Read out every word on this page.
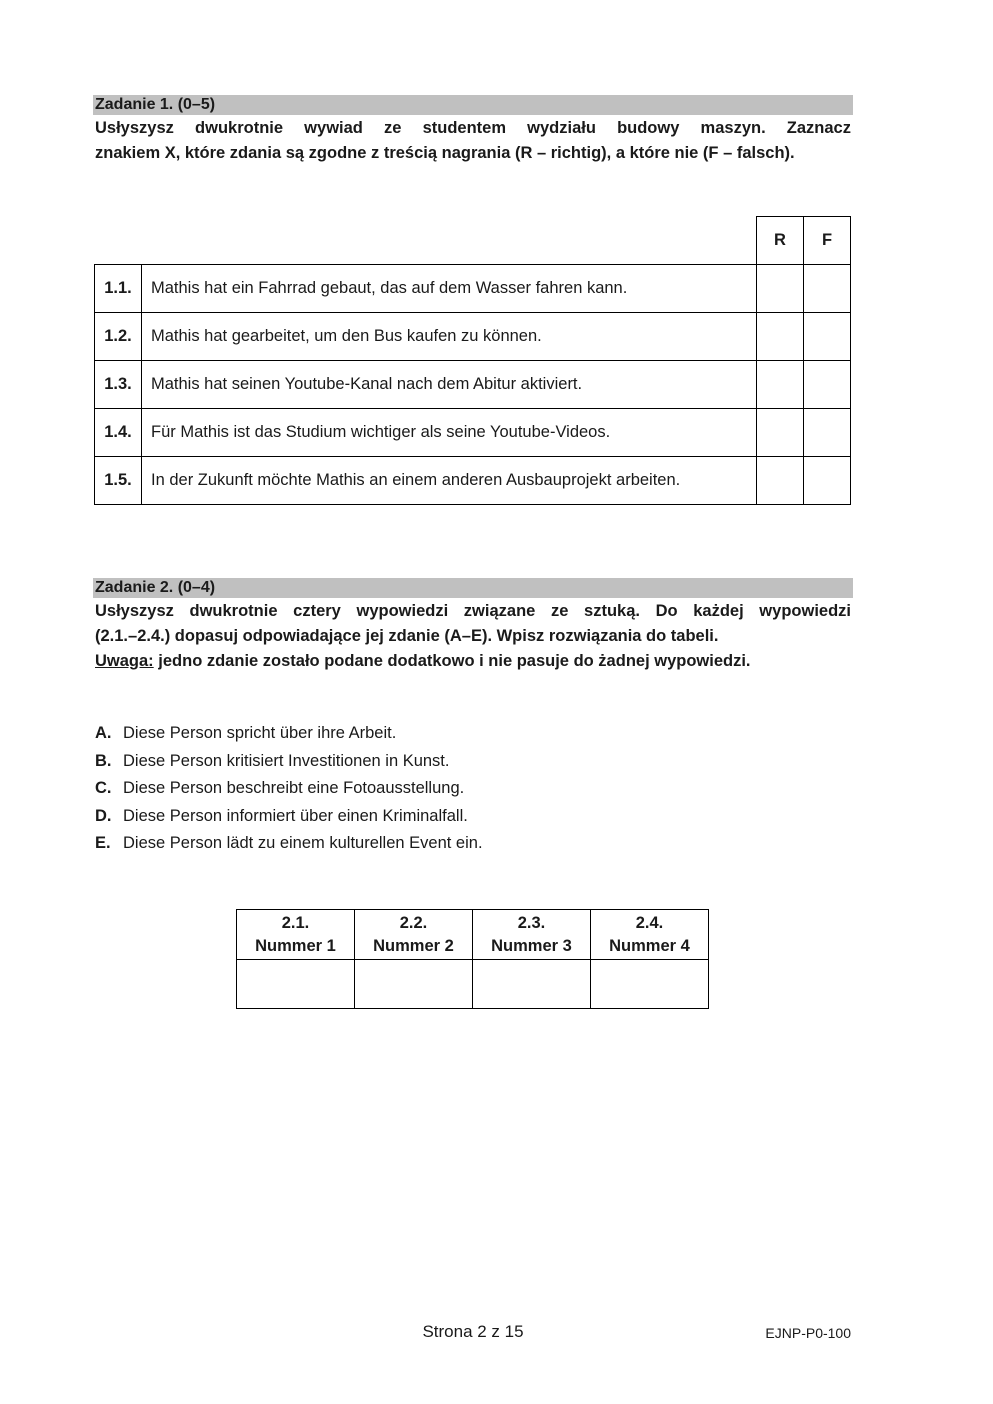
Zadanie 1. (0–5)
Usłyszysz dwukrotnie wywiad ze studentem wydziału budowy maszyn. Zaznacz
znakiem X, które zdania są zgodne z treścią nagrania (R – richtig), a które nie (F – falsch).
		R	F
1.1.	Mathis hat ein Fahrrad gebaut, das auf dem Wasser fahren kann.		
1.2.	Mathis hat gearbeitet, um den Bus kaufen zu können.		
1.3.	Mathis hat seinen Youtube-Kanal nach dem Abitur aktiviert.		
1.4.	Für Mathis ist das Studium wichtiger als seine Youtube-Videos.		
1.5.	In der Zukunft möchte Mathis an einem anderen Ausbauprojekt arbeiten.		
Zadanie 2. (0–4)
Usłyszysz dwukrotnie cztery wypowiedzi związane ze sztuką. Do każdej wypowiedzi
(2.1.–2.4.) dopasuj odpowiadające jej zdanie (A–E). Wpisz rozwiązania do tabeli.
Uwaga: jedno zdanie zostało podane dodatkowo i nie pasuje do żadnej wypowiedzi.
A. Diese Person spricht über ihre Arbeit.
B. Diese Person kritisiert Investitionen in Kunst.
C. Diese Person beschreibt eine Fotoausstellung.
D. Diese Person informiert über einen Kriminalfall.
E. Diese Person lädt zu einem kulturellen Event ein.
2.1.
Nummer 1	2.2.
Nummer 2	2.3.
Nummer 3	2.4.
Nummer 4

Strona 2 z 15	EJNP-P0-100
